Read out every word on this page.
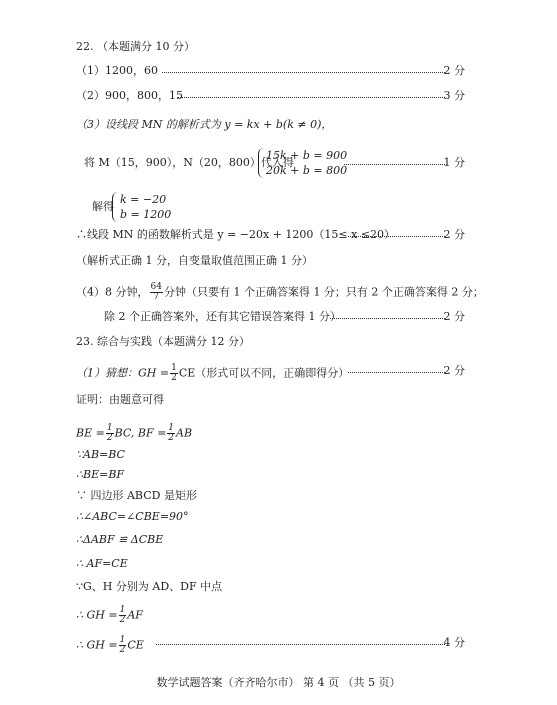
22. （本题满分 10 分）
（1）1200，60	2 分
（2）900，800，15	3 分
（3）设线段 MN 的解析式为 y = kx + b(k ≠ 0)，
将 M（15，900），N（20，800）代入得
15k + b = 900
20k + b = 800
1 分
解得
k = −20
b = 1200
∴线段 MN 的函数解析式是 y = −20x + 1200（15≤ x ≤20）	2 分
（解析式正确 1 分，自变量取值范围正确 1 分）
（4）8 分钟， $\frac{64}{7}$ 分钟（只要有 1 个正确答案得 1 分；只有 2 个正确答案得 2 分；
除 2 个正确答案外，还有其它错误答案得 1 分）	2 分
23. 综合与实践（本题满分 12 分）
（1）猜想：GH = $\frac{1}{2} CE$（形式可以不同，正确即得分）	2 分
证明：由题意可得
BE = $\frac{1}{2}$ BC, BF = $\frac{1}{2}$ AB
∵AB=BC
∴BE=BF
∵ 四边形 ABCD 是矩形
∴∠ABC=∠CBE=90°
∴ΔABF ≌ ΔCBE
∴ AF=CE
∵G、H 分别为 AD、DF 中点
∴ GH = $\frac{1}{2}$ AF
∴ GH = $\frac{1}{2}$ CE	4 分
数学试题答案（齐齐哈尔市） 第 4 页 （共 5 页）
